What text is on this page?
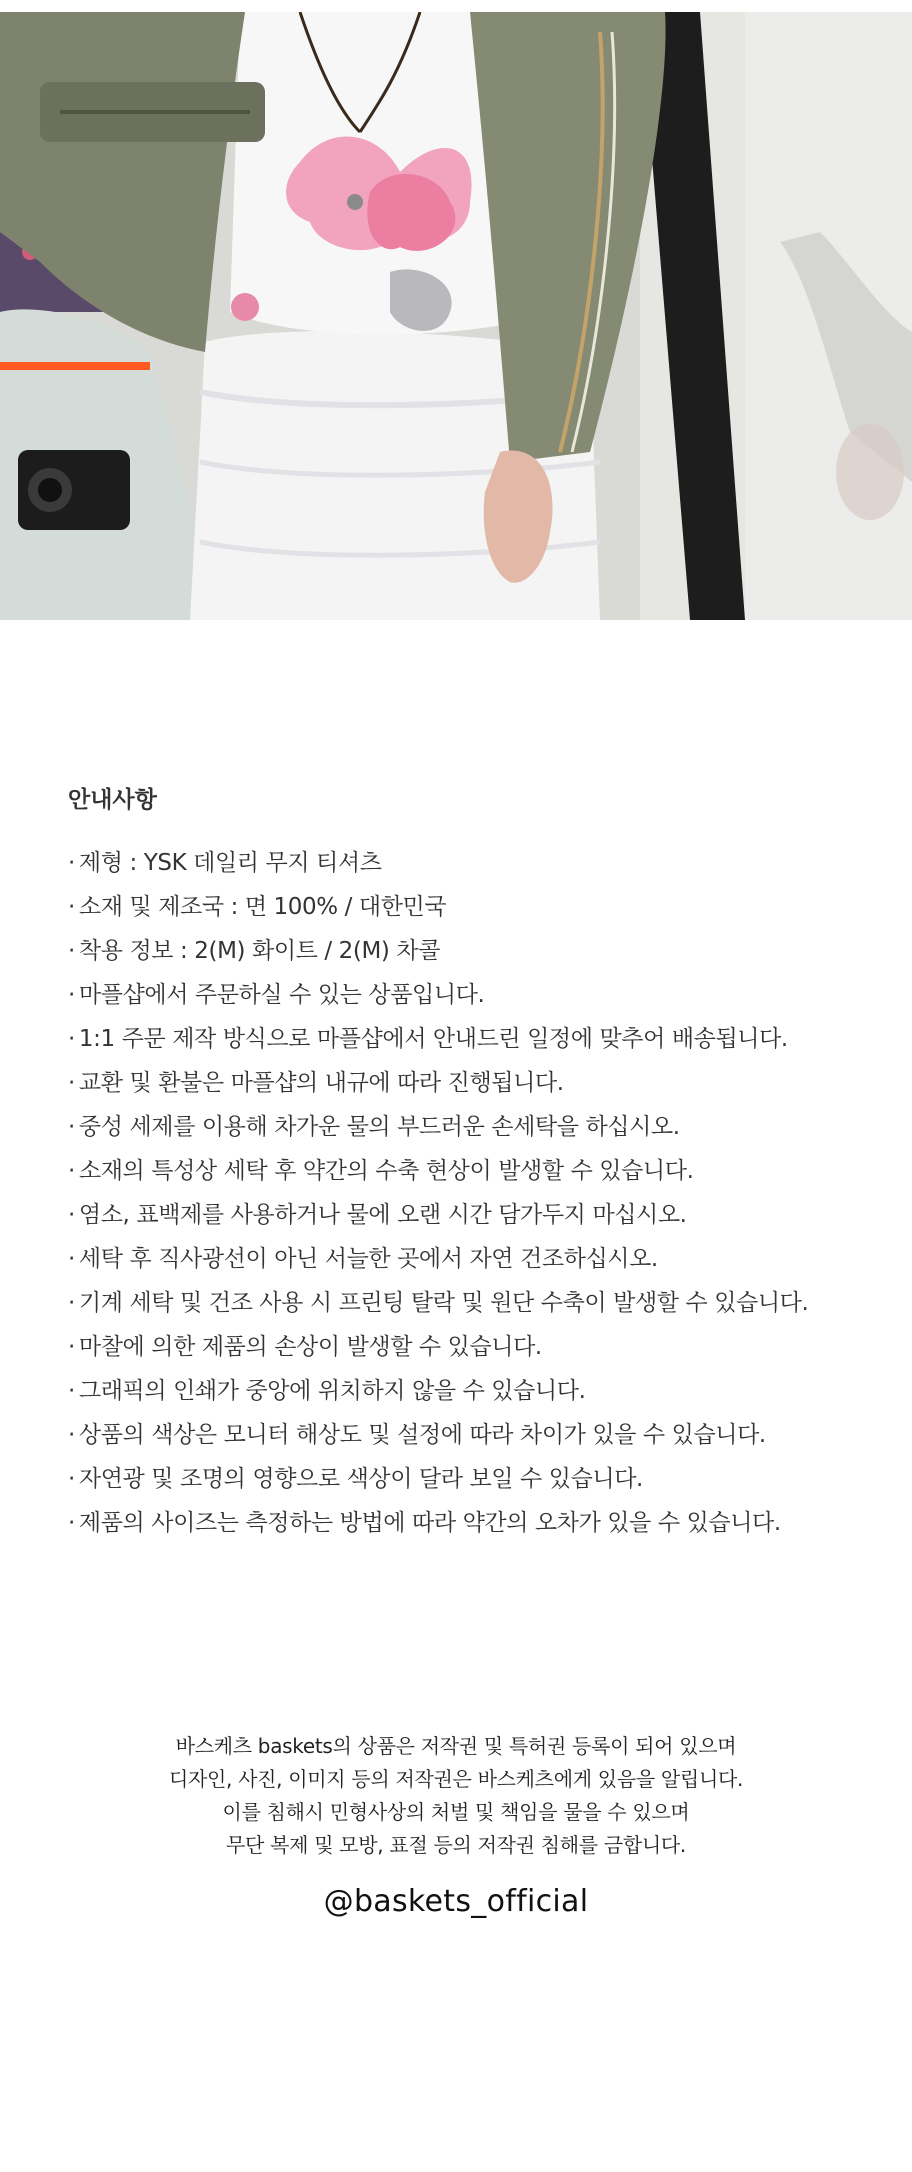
안내사항
· 제형 : YSK 데일리 무지 티셔츠
· 소재 및 제조국 : 면 100% / 대한민국
· 착용 정보 : 2(M) 화이트 / 2(M) 차콜
· 마플샵에서 주문하실 수 있는 상품입니다.
· 1:1 주문 제작 방식으로 마플샵에서 안내드린 일정에 맞추어 배송됩니다.
· 교환 및 환불은 마플샵의 내규에 따라 진행됩니다.
· 중성 세제를 이용해 차가운 물의 부드러운 손세탁을 하십시오.
· 소재의 특성상 세탁 후 약간의 수축 현상이 발생할 수 있습니다.
· 염소, 표백제를 사용하거나 물에 오랜 시간 담가두지 마십시오.
· 세탁 후 직사광선이 아닌 서늘한 곳에서 자연 건조하십시오.
· 기계 세탁 및 건조 사용 시 프린팅 탈락 및 원단 수축이 발생할 수 있습니다.
· 마찰에 의한 제품의 손상이 발생할 수 있습니다.
· 그래픽의 인쇄가 중앙에 위치하지 않을 수 있습니다.
· 상품의 색상은 모니터 해상도 및 설정에 따라 차이가 있을 수 있습니다.
· 자연광 및 조명의 영향으로 색상이 달라 보일 수 있습니다.
· 제품의 사이즈는 측정하는 방법에 따라 약간의 오차가 있을 수 있습니다.
바스케츠 baskets의 상품은 저작권 및 특허권 등록이 되어 있으며
디자인, 사진, 이미지 등의 저작권은 바스케츠에게 있음을 알립니다.
이를 침해시 민형사상의 처벌 및 책임을 물을 수 있으며
무단 복제 및 모방, 표절 등의 저작권 침해를 금합니다.
@baskets_official
